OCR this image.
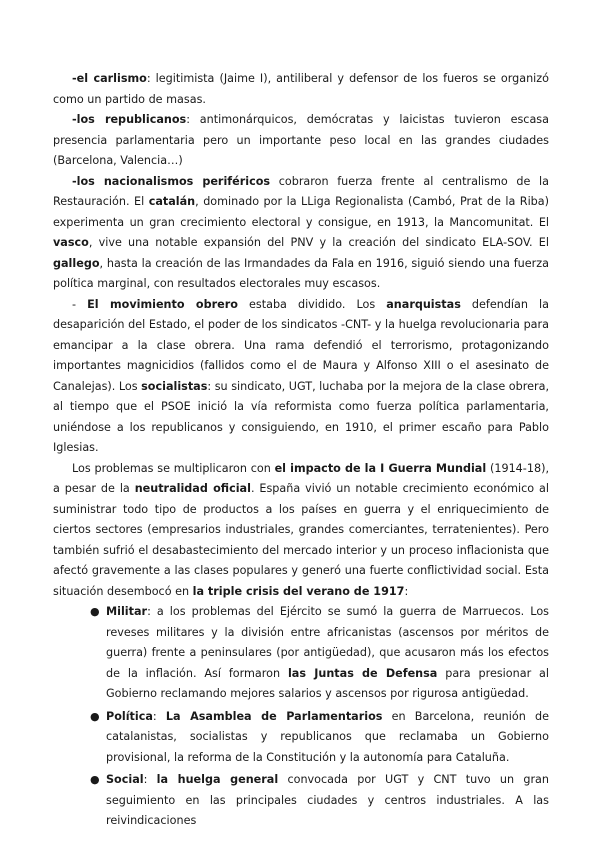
-el carlismo: legitimista (Jaime I), antiliberal y defensor de los fueros se organizó como un partido de masas.

-los republicanos: antimonárquicos, demócratas y laicistas tuvieron escasa presencia parlamentaria pero un importante peso local en las grandes ciudades (Barcelona, Valencia…)

-los nacionalismos periféricos cobraron fuerza frente al centralismo de la Restauración. El catalán, dominado por la LLiga Regionalista (Cambó, Prat de la Riba) experimenta un gran crecimiento electoral y consigue, en 1913, la Mancomunitat. El vasco, vive una notable expansión del PNV y la creación del sindicato ELA-SOV. El gallego, hasta la creación de las Irmandades da Fala en 1916, siguió siendo una fuerza política marginal, con resultados electorales muy escasos.

- El movimiento obrero estaba dividido. Los anarquistas defendían la desaparición del Estado, el poder de los sindicatos -CNT- y la huelga revolucionaria para emancipar a la clase obrera. Una rama defendió el terrorismo, protagonizando importantes magnicidios (fallidos como el de Maura y Alfonso XIII o el asesinato de Canalejas). Los socialistas: su sindicato, UGT, luchaba por la mejora de la clase obrera, al tiempo que el PSOE inició la vía reformista como fuerza política parlamentaria, uniéndose a los republicanos y consiguiendo, en 1910, el primer escaño para Pablo Iglesias.

Los problemas se multiplicaron con el impacto de la I Guerra Mundial (1914-18), a pesar de la neutralidad oficial. España vivió un notable crecimiento económico al suministrar todo tipo de productos a los países en guerra y el enriquecimiento de ciertos sectores (empresarios industriales, grandes comerciantes, terratenientes). Pero también sufrió el desabastecimiento del mercado interior y un proceso inflacionista que afectó gravemente a las clases populares y generó una fuerte conflictividad social. Esta situación desembocó en la triple crisis del verano de 1917:

● Militar: a los problemas del Ejército se sumó la guerra de Marruecos. Los reveses militares y la división entre africanistas (ascensos por méritos de guerra) frente a peninsulares (por antigüedad), que acusaron más los efectos de la inflación. Así formaron las Juntas de Defensa para presionar al Gobierno reclamando mejores salarios y ascensos por rigurosa antigüedad.
● Política: La Asamblea de Parlamentarios en Barcelona, reunión de catalanistas, socialistas y republicanos que reclamaba un Gobierno provisional, la reforma de la Constitución y la autonomía para Cataluña.
● Social: la huelga general convocada por UGT y CNT tuvo un gran seguimiento en las principales ciudades y centros industriales. A las reivindicaciones
